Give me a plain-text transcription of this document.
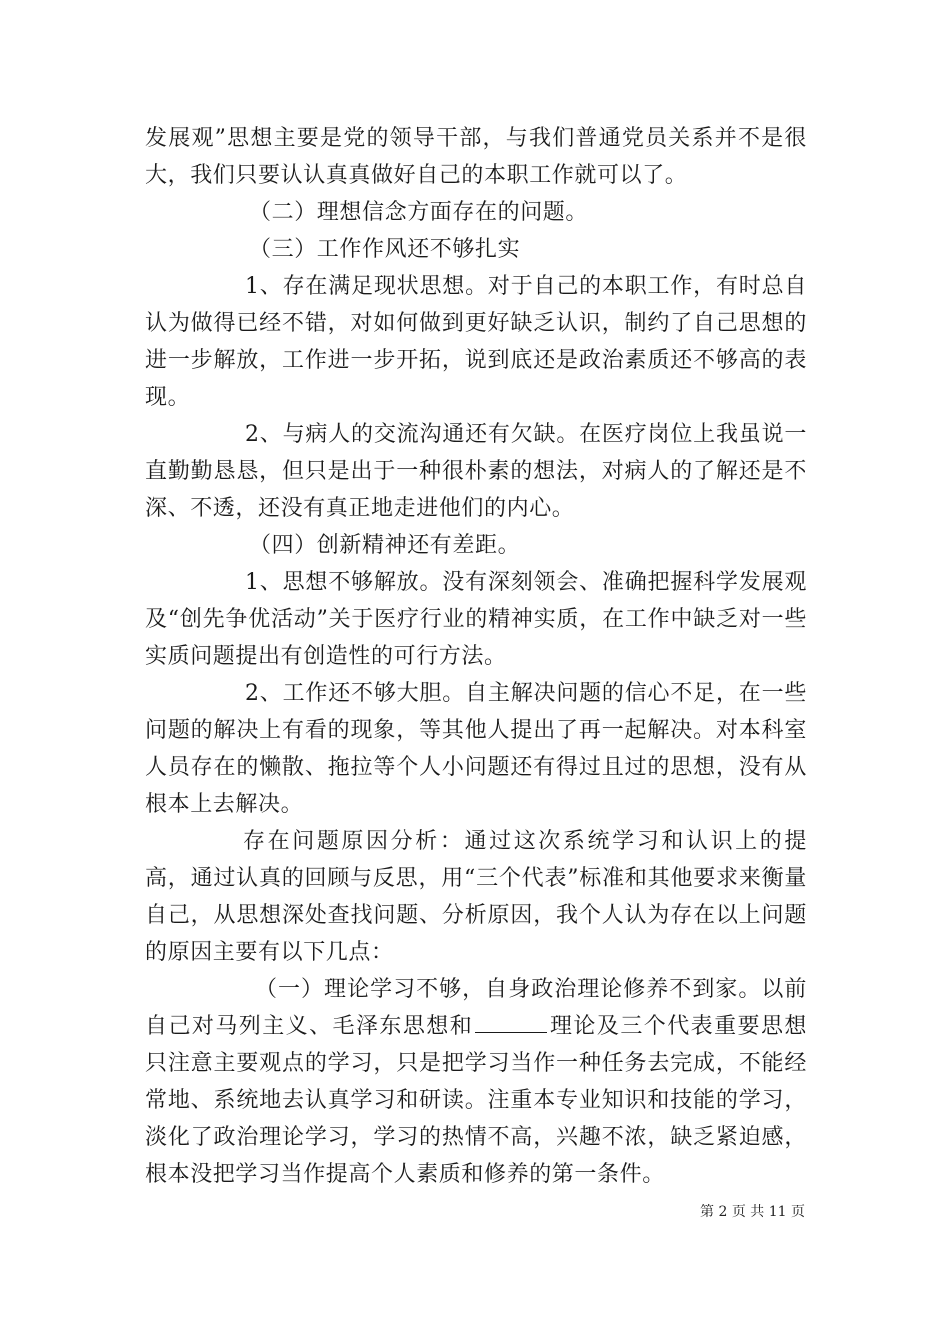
发展观”思想主要是党的领导干部，与我们普通党员关系并不是很大，我们只要认认真真做好自己的本职工作就可以了。

（二）理想信念方面存在的问题。

（三）工作作风还不够扎实

1、存在满足现状思想。对于自己的本职工作，有时总自认为做得已经不错，对如何做到更好缺乏认识，制约了自己思想的进一步解放，工作进一步开拓，说到底还是政治素质还不够高的表现。

2、与病人的交流沟通还有欠缺。在医疗岗位上我虽说一直勤勤恳恳，但只是出于一种很朴素的想法，对病人的了解还是不深、不透，还没有真正地走进他们的内心。

（四）创新精神还有差距。

1、思想不够解放。没有深刻领会、准确把握科学发展观及“创先争优活动”关于医疗行业的精神实质，在工作中缺乏对一些实质问题提出有创造性的可行方法。

2、工作还不够大胆。自主解决问题的信心不足，在一些问题的解决上有看的现象，等其他人提出了再一起解决。对本科室人员存在的懒散、拖拉等个人小问题还有得过且过的思想，没有从根本上去解决。

存在问题原因分析：通过这次系统学习和认识上的提高，通过认真的回顾与反思，用“三个代表”标准和其他要求来衡量自己，从思想深处查找问题、分析原因，我个人认为存在以上问题的原因主要有以下几点：

（一）理论学习不够，自身政治理论修养不到家。以前自己对马列主义、毛泽东思想和	理论及三个代表重要思想只注意主要观点的学习，只是把学习当作一种任务去完成，不能经常地、系统地去认真学习和研读。注重本专业知识和技能的学习，淡化了政治理论学习，学习的热情不高，兴趣不浓，缺乏紧迫感，根本没把学习当作提高个人素质和修养的第一条件。

第 2 页 共 11 页
